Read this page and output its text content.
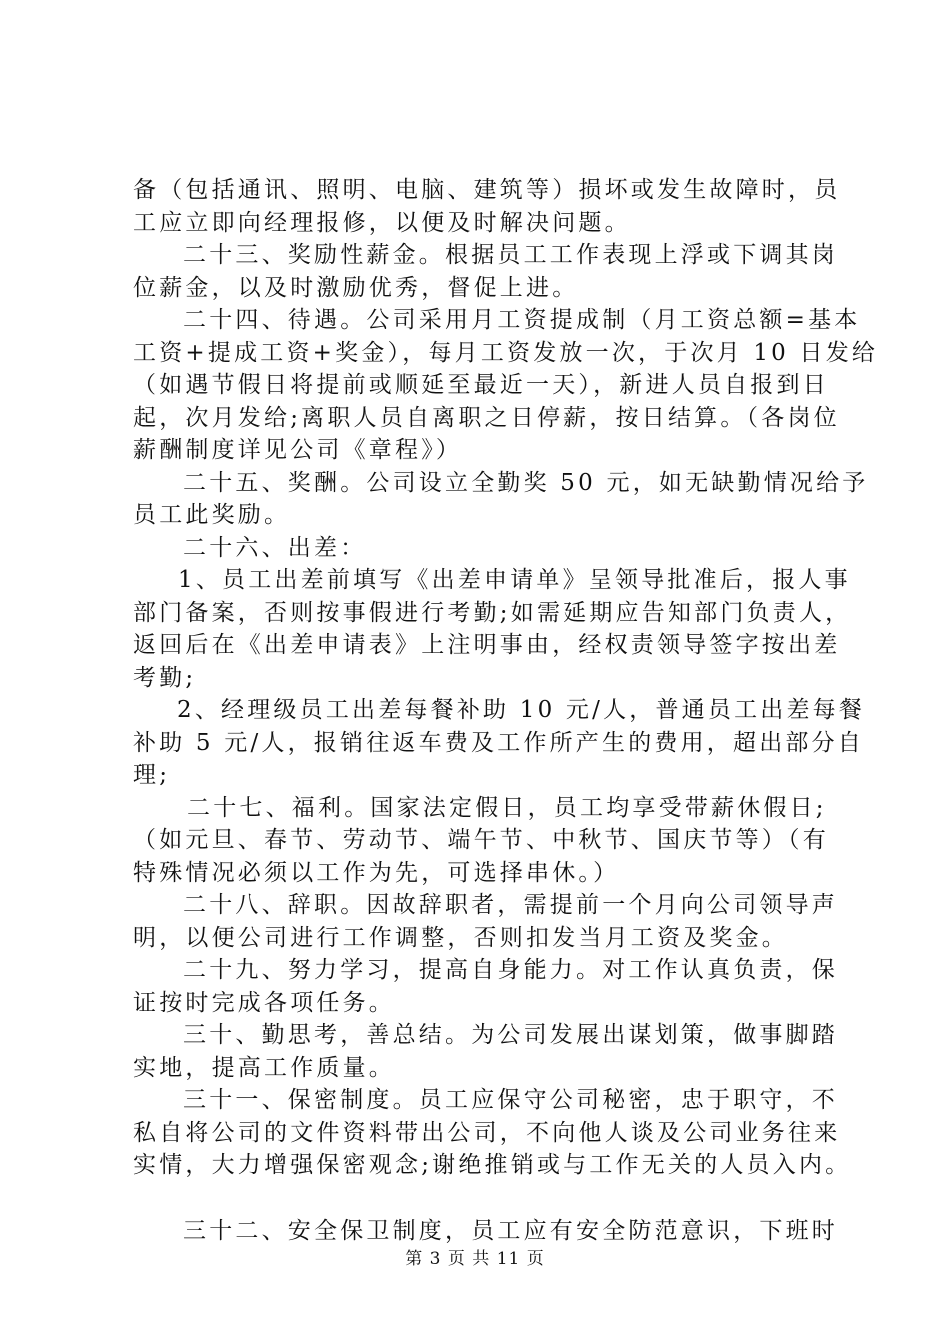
备（包括通讯、照明、电脑、建筑等）损坏或发生故障时，员
工应立即向经理报修，以便及时解决问题。
二十三、奖励性薪金。根据员工工作表现上浮或下调其岗
位薪金，以及时激励优秀，督促上进。
二十四、待遇。公司采用月工资提成制（月工资总额=基本
工资+提成工资+奖金），每月工资发放一次，于次月 10 日发给
（如遇节假日将提前或顺延至最近一天），新进人员自报到日
起，次月发给;离职人员自离职之日停薪，按日结算。（各岗位
薪酬制度详见公司《章程》）
二十五、奖酬。公司设立全勤奖 50 元，如无缺勤情况给予
员工此奖励。
二十六、出差：
1、员工出差前填写《出差申请单》呈领导批准后，报人事
部门备案，否则按事假进行考勤;如需延期应告知部门负责人，
返回后在《出差申请表》上注明事由，经权责领导签字按出差
考勤;
2、经理级员工出差每餐补助 10 元/人，普通员工出差每餐
补助 5 元/人，报销往返车费及工作所产生的费用，超出部分自
理;
二十七、福利。国家法定假日，员工均享受带薪休假日;
（如元旦、春节、劳动节、端午节、中秋节、国庆节等）（有
特殊情况必须以工作为先，可选择串休。）
二十八、辞职。因故辞职者，需提前一个月向公司领导声
明，以便公司进行工作调整，否则扣发当月工资及奖金。
二十九、努力学习，提高自身能力。对工作认真负责，保
证按时完成各项任务。
三十、勤思考，善总结。为公司发展出谋划策，做事脚踏
实地，提高工作质量。
三十一、保密制度。员工应保守公司秘密，忠于职守，不
私自将公司的文件资料带出公司，不向他人谈及公司业务往来
实情，大力增强保密观念;谢绝推销或与工作无关的人员入内。
三十二、安全保卫制度，员工应有安全防范意识，下班时
第 3 页 共 11 页
